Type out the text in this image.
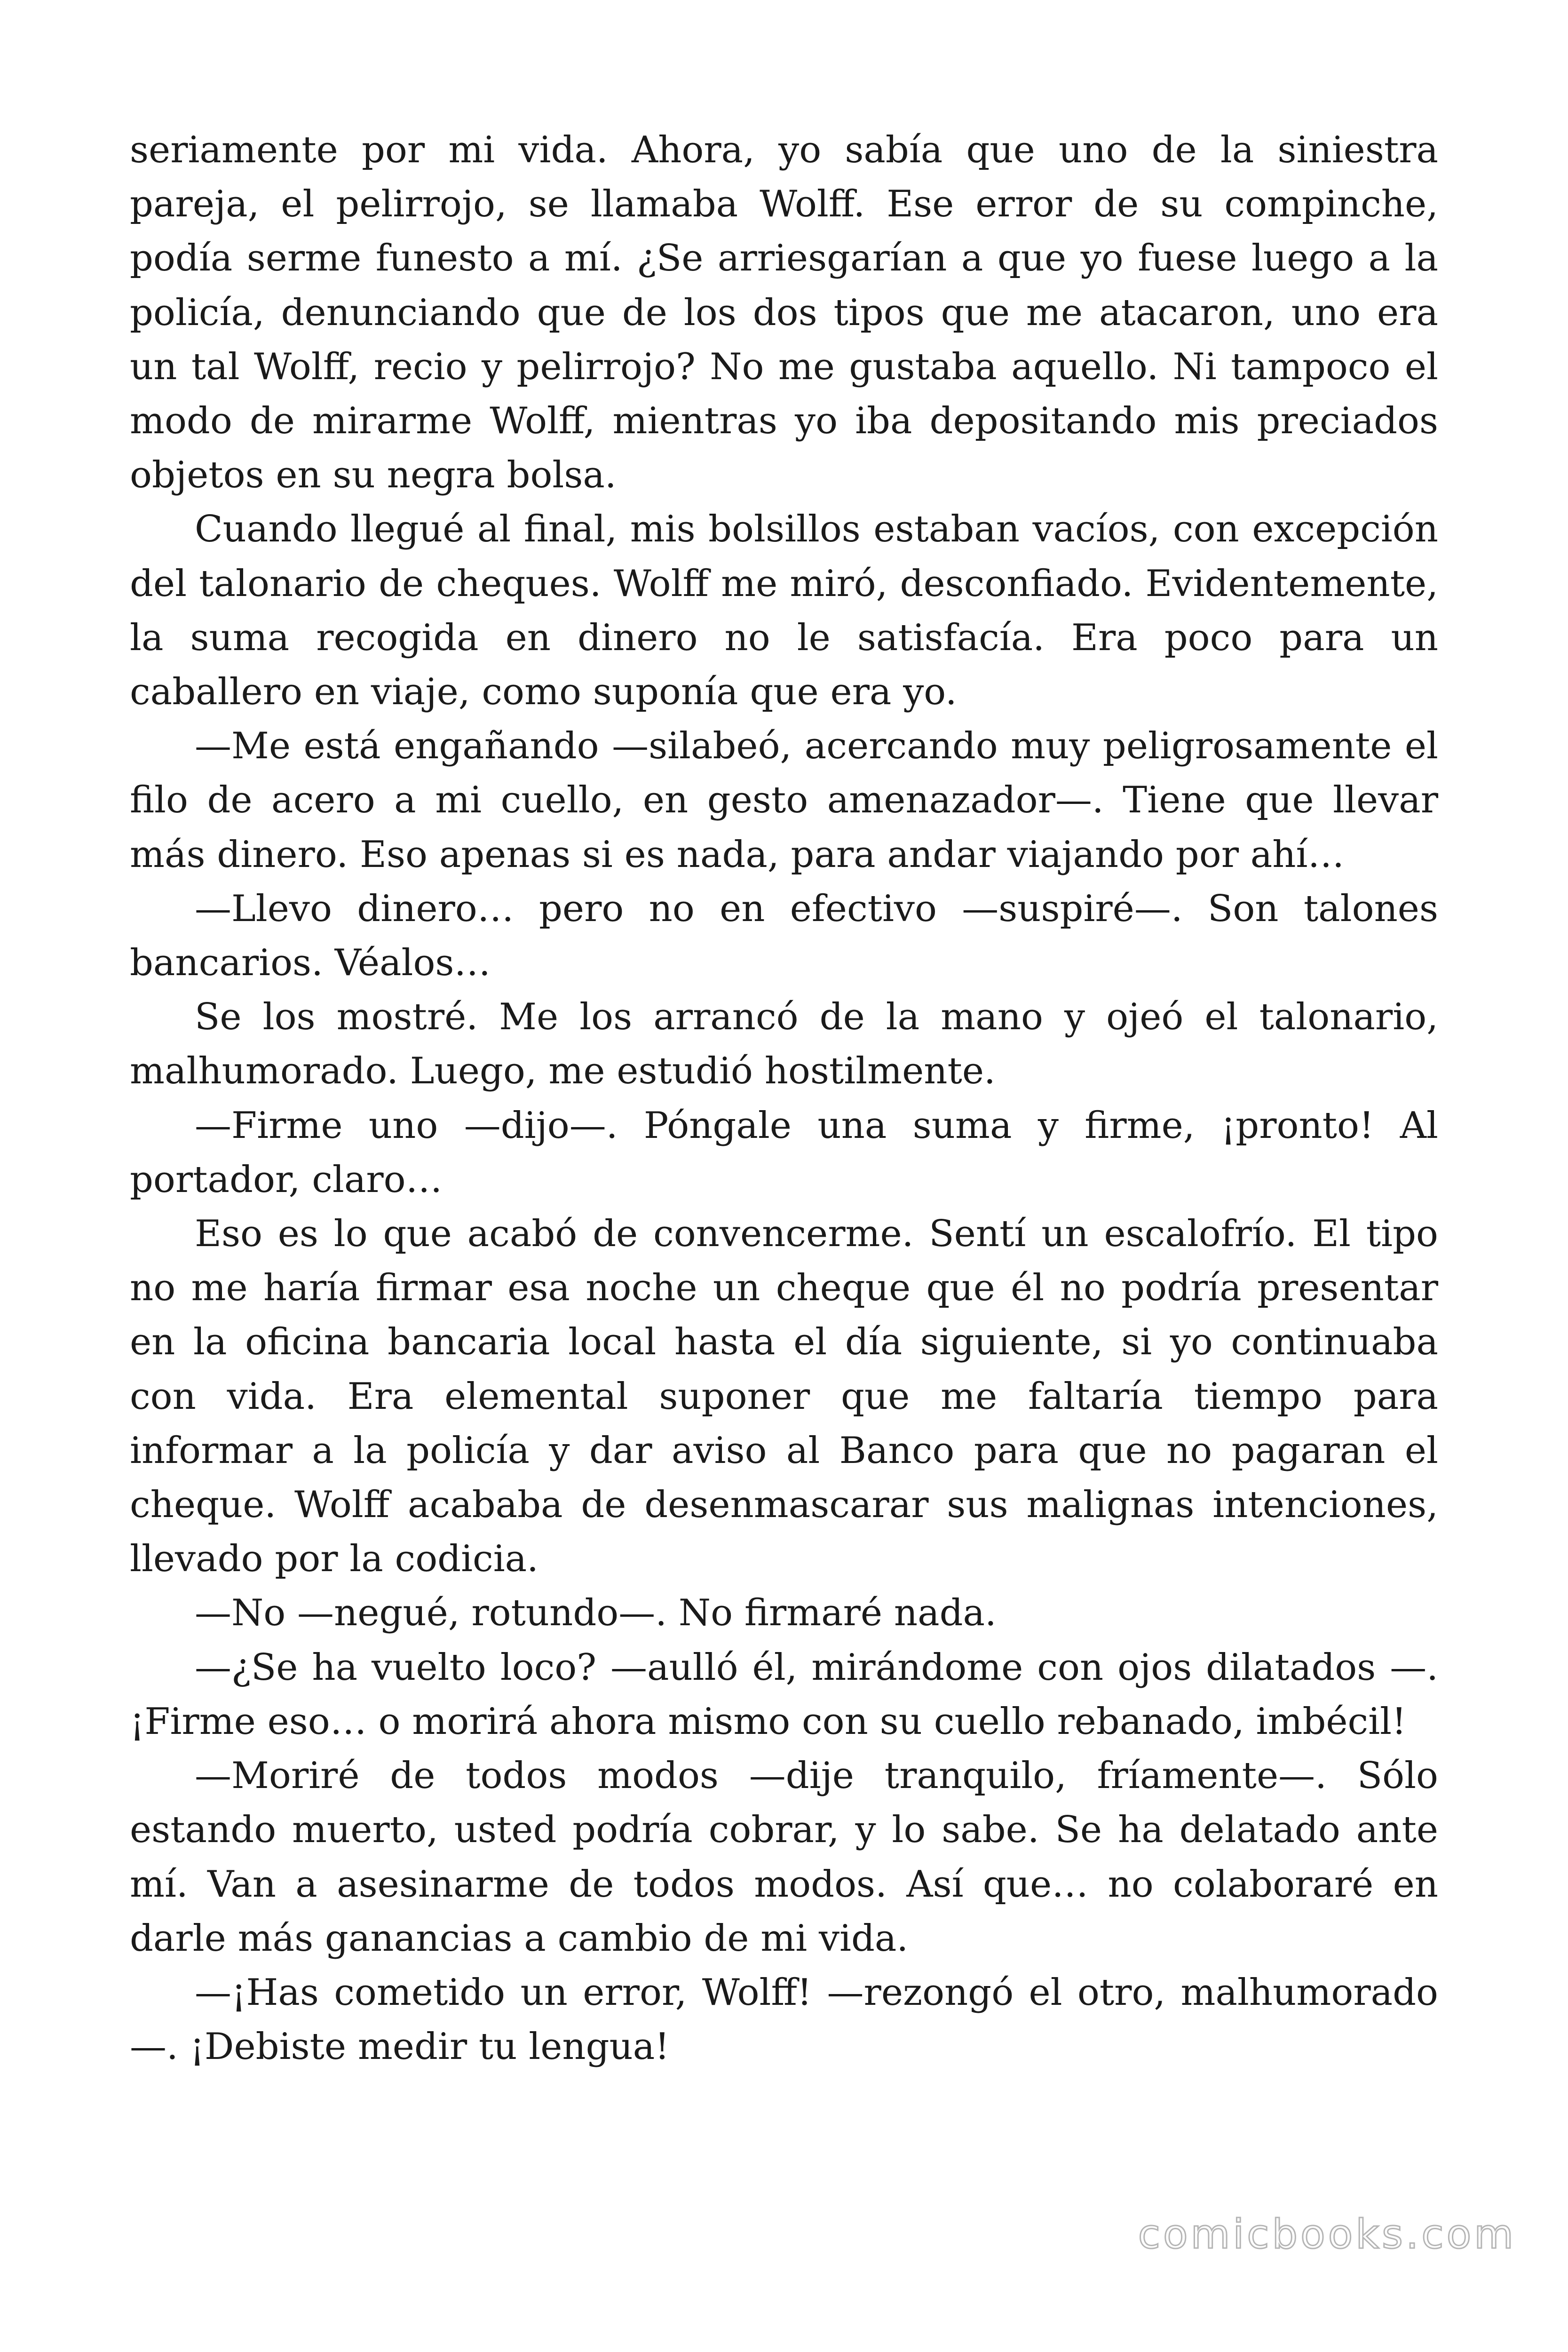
seriamente por mi vida. Ahora, yo sabía que uno de la siniestra pareja, el pelirrojo, se llamaba Wolff. Ese error de su compinche, podía serme funesto a mí. ¿Se arriesgarían a que yo fuese luego a la policía, denunciando que de los dos tipos que me atacaron, uno era un tal Wolff, recio y pelirrojo? No me gustaba aquello. Ni tampoco el modo de mirarme Wolff, mientras yo iba depositando mis preciados objetos en su negra bolsa.

Cuando llegué al final, mis bolsillos estaban vacíos, con excepción del talonario de cheques. Wolff me miró, desconfiado. Evidentemente, la suma recogida en dinero no le satisfacía. Era poco para un caballero en viaje, como suponía que era yo.

—Me está engañando —silabeó, acercando muy peligrosamente el filo de acero a mi cuello, en gesto amenazador—. Tiene que llevar más dinero. Eso apenas si es nada, para andar viajando por ahí…

—Llevo dinero… pero no en efectivo —suspiré—. Son talones bancarios. Véalos…

Se los mostré. Me los arrancó de la mano y ojeó el talonario, malhumorado. Luego, me estudió hostilmente.

—Firme uno —dijo—. Póngale una suma y firme, ¡pronto! Al portador, claro…

Eso es lo que acabó de convencerme. Sentí un escalofrío. El tipo no me haría firmar esa noche un cheque que él no podría presentar en la oficina bancaria local hasta el día siguiente, si yo continuaba con vida. Era elemental suponer que me faltaría tiempo para informar a la policía y dar aviso al Banco para que no pagaran el cheque. Wolff acababa de desenmascarar sus malignas intenciones, llevado por la codicia.

—No —negué, rotundo—. No firmaré nada.

—¿Se ha vuelto loco? —aulló él, mirándome con ojos dilatados —. ¡Firme eso… o morirá ahora mismo con su cuello rebanado, imbécil!

—Moriré de todos modos —dije tranquilo, fríamente—. Sólo estando muerto, usted podría cobrar, y lo sabe. Se ha delatado ante mí. Van a asesinarme de todos modos. Así que… no colaboraré en darle más ganancias a cambio de mi vida.

—¡Has cometido un error, Wolff! —rezongó el otro, malhumorado—. ¡Debiste medir tu lengua!

comicbooks.com
